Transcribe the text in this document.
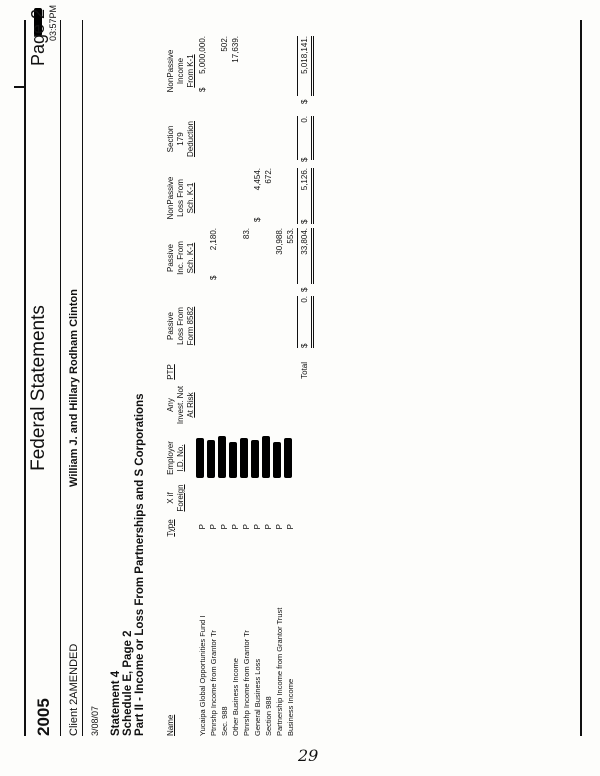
2005
Federal Statements
Page 2
Client 2AMENDED
William J. and Hillary Rodham Clinton
3/08/07
03:57PM
Statement 4 Schedule E, Page 2 Part II - Income or Loss From Partnerships and S Corporations	Name
Type
X if Foreign
Employer I.D. No.
Any Invest. Not At Risk
PTP
Passive Loss From Form 8582
Passive Inc. From Sch. K-1
NonPassive Loss From Sch. K-1
Section 179 Deduction
NonPassive Income From K-1
Yucaipa Global Opportunities Fund I Ptnrshp Income from Grantor Tr Sec. 988 Other Business Income Ptnrshp Income from Grantor Tr General Business Loss Section 988 Partnership Income from Grantor Trust Business Income
P P P P P P P P P
$
5,000,000.
$
2,180.
502. 17,639.
83.
$
4,454. 672.
30,988. 553.
Total
$
0.
$
33,804.
$
5,126.
$
0.
$
5,018,141.
29
